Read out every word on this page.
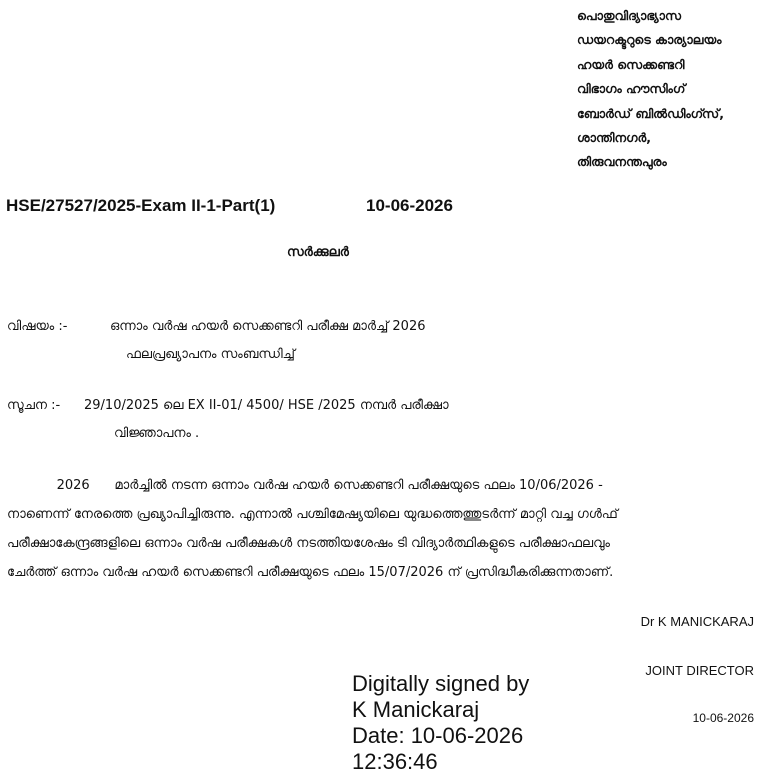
പൊതുവിദ്യാഭ്യാസ
ഡയറക്ടറുടെ കാര്യാലയം
ഹയർ സെക്കണ്ടറി
വിഭാഗം ഹൗസിംഗ്
ബോർഡ് ബിൽഡിംഗ്സ്,
ശാന്തിനഗർ,
തിരുവനന്തപുരം
HSE/27527/2025-Exam II-1-Part(1)	10-06-2026
സർക്കുലർ
വിഷയം :-	ഒന്നാം വർഷ ഹയർ സെക്കണ്ടറി പരീക്ഷ മാർച്ച് 2026
ഫലപ്രഖ്യാപനം സംബന്ധിച്ച്
സൂചന :- 29/10/2025 ലെ EX II-01/ 4500/ HSE /2025 നമ്പർ പരീക്ഷാ
വിജ്ഞാപനം .
2026      മാർച്ചിൽ നടന്ന ഒന്നാം വർഷ ഹയർ സെക്കണ്ടറി പരീക്ഷയുടെ ഫലം 10/06/2026 -
നാണെന്ന് നേരത്തെ പ്രഖ്യാപിച്ചിരുന്നു. എന്നാൽ പശ്ചിമേഷ്യയിലെ യുദ്ധത്തെത്തുടർന്ന് മാറ്റി വച്ച ഗൾഫ്
പരീക്ഷാകേന്ദ്രങ്ങളിലെ ഒന്നാം വർഷ പരീക്ഷകൾ നടത്തിയശേഷം ടി വിദ്യാർത്ഥികളുടെ പരീക്ഷാഫലവും
ചേർത്ത് ഒന്നാം വർഷ ഹയർ സെക്കണ്ടറി പരീക്ഷയുടെ ഫലം 15/07/2026 ന് പ്രസിദ്ധീകരിക്കുന്നതാണ്.
Dr K MANICKARAJ
JOINT DIRECTOR
10-06-2026
Digitally signed by
K Manickaraj
Date: 10-06-2026
12:36:46
